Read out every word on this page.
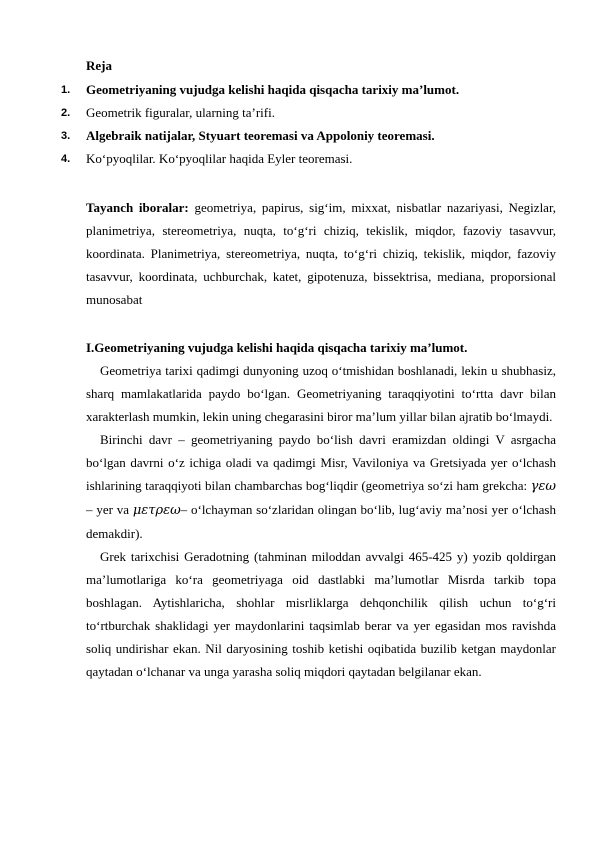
Reja
1. Geometriyaning vujudga kelishi haqida qisqacha tarixiy ma’lumot.
2. Geometrik figuralar, ularning ta’rifi.
3. Algebraik natijalar, Styuart teoremasi va Appoloniy teoremasi.
4. Ko‘pyoqlilar. Ko‘pyoqlilar haqida Eyler teoremasi.
Tayanch iboralar: geometriya, papirus, sig‘im, mixxat, nisbatlar nazariyasi, Negizlar, planimetriya, stereometriya, nuqta, to‘g‘ri chiziq, tekislik, miqdor, fazoviy tasavvur, koordinata. Planimetriya, stereometriya, nuqta, to‘g‘ri chiziq, tekislik, miqdor, fazoviy tasavvur, koordinata, uchburchak, katet, gipotenuza, bissektrisa, mediana, proporsional munosabat
I.Geometriyaning vujudga kelishi haqida qisqacha tarixiy ma’lumot.

Geometriya tarixi qadimgi dunyoning uzoq o‘tmishidan boshlanadi, lekin u shubhasiz, sharq mamlakatlarida paydo bo‘lgan. Geometriyaning taraqqiyotini to‘rtta davr bilan xarakterlash mumkin, lekin uning chegarasini biror ma’lum yillar bilan ajratib bo‘lmaydi.

Birinchi davr – geometriyaning paydo bo‘lish davri eramizdan oldingi V asrgacha bo‘lgan davrni o‘z ichiga oladi va qadimgi Misr, Vaviloniya va Gretsiyada yer o‘lchash ishlarining taraqqiyoti bilan chambarchas bog‘liqdir (geometriya so‘zi ham grekcha: γεω – yer va μετρεω– o‘lchayman so‘zlaridan olingan bo‘lib, lug‘aviy ma’nosi yer o‘lchash demakdir).

Grek tarixchisi Geradotning (tahminan miloddan avvalgi 465-425 y) yozib qoldirgan ma’lumotlariga ko‘ra geometriyaga oid dastlabki ma’lumotlar Misrda tarkib topa boshlagan. Aytishlaricha, shohlar misrliklarga dehqonchilik qilish uchun to‘g‘ri to‘rtburchak shaklidagi yer maydonlarini taqsimlab berar va yer egasidan mos ravishda soliq undirishar ekan. Nil daryosining toshib ketishi oqibatida buzilib ketgan maydonlar qaytadan o‘lchanar va unga yarasha soliq miqdori qaytadan belgilanar ekan.
